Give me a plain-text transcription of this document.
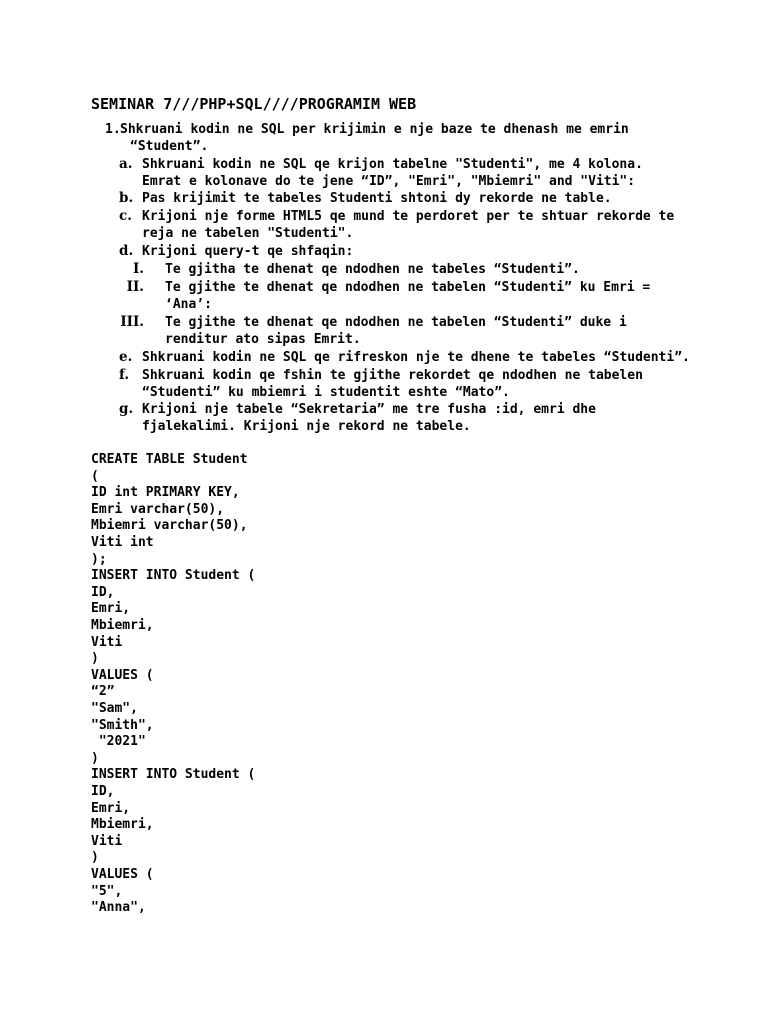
SEMINAR 7///PHP+SQL////PROGRAMIM WEB
1. Shkruani kodin ne SQL per krijimin e nje baze te dhenash me emrin
“Student”.
a. Shkruani kodin ne SQL qe krijon tabelne "Studenti", me 4 kolona.
Emrat e kolonave do te jene “ID”, "Emri", "Mbiemri" and "Viti":
b. Pas krijimit te tabeles Studenti shtoni dy rekorde ne table.
c. Krijoni nje forme HTML5 qe mund te perdoret per te shtuar rekorde te
reja ne tabelen "Studenti".
d. Krijoni query-t qe shfaqin:
I. Te gjitha te dhenat qe ndodhen ne tabeles “Studenti”.
II. Te gjithe te dhenat qe ndodhen ne tabelen “Studenti” ku Emri =
‘Ana’:
III. Te gjithe te dhenat qe ndodhen ne tabelen “Studenti” duke i
renditur ato sipas Emrit.
e. Shkruani kodin ne SQL qe rifreskon nje te dhene te tabeles “Studenti”.
f. Shkruani kodin qe fshin te gjithe rekordet qe ndodhen ne tabelen
“Studenti” ku mbiemri i studentit eshte “Mato”.
g. Krijoni nje tabele “Sekretaria” me tre fusha :id, emri dhe
fjalekalimi. Krijoni nje rekord ne tabele.
CREATE TABLE Student
(
ID int PRIMARY KEY,
Emri varchar(50),
Mbiemri varchar(50),
Viti int
);
INSERT INTO Student (
ID,
Emri,
Mbiemri,
Viti
)
VALUES (
“2”
"Sam",
"Smith",
"2021"
)
INSERT INTO Student (
ID,
Emri,
Mbiemri,
Viti
)
VALUES (
"5",
"Anna",
